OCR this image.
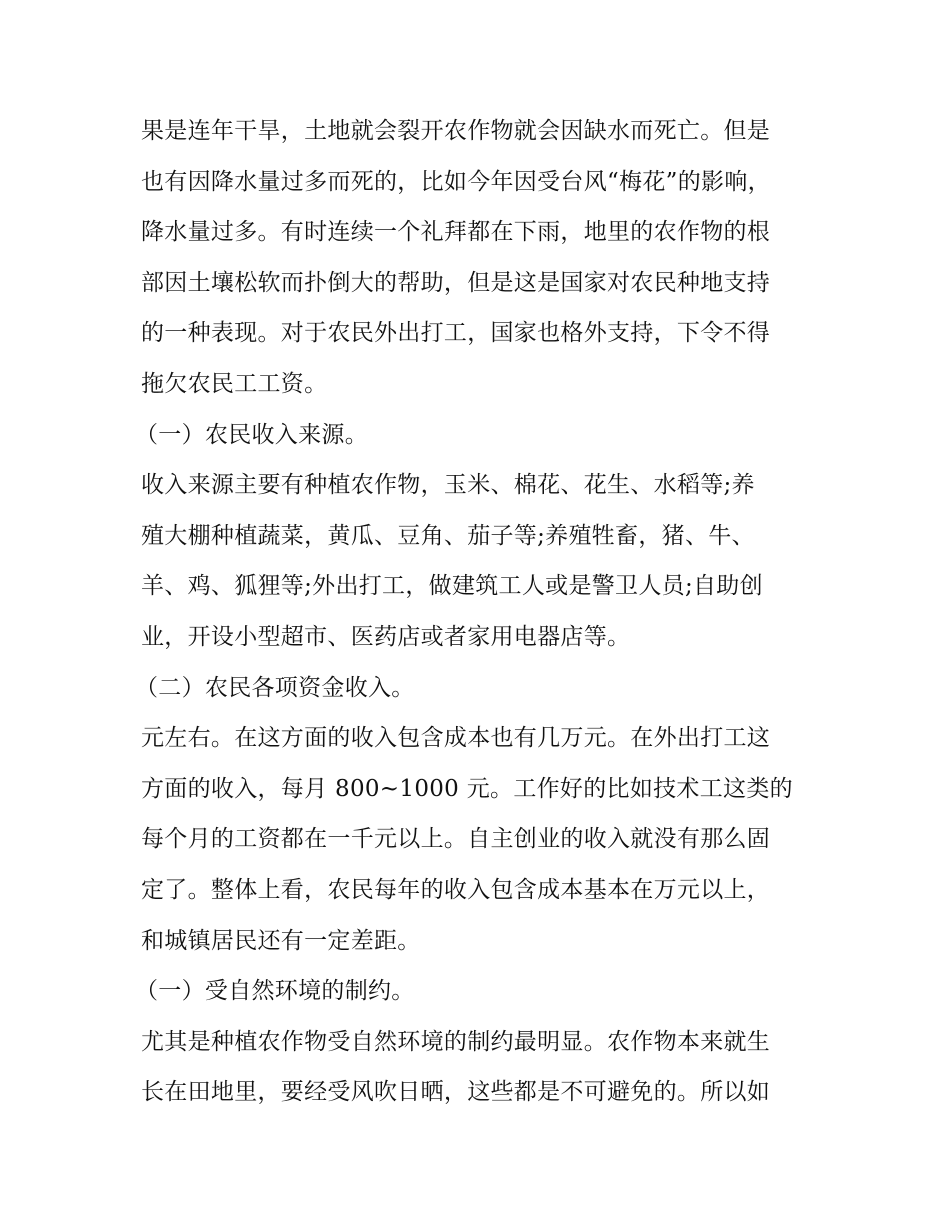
果是连年干旱，土地就会裂开农作物就会因缺水而死亡。但是
也有因降水量过多而死的，比如今年因受台风“梅花”的影响，
降水量过多。有时连续一个礼拜都在下雨，地里的农作物的根
部因土壤松软而扑倒大的帮助，但是这是国家对农民种地支持
的一种表现。对于农民外出打工，国家也格外支持，下令不得
拖欠农民工工资。
（一）农民收入来源。
收入来源主要有种植农作物，玉米、棉花、花生、水稻等;养
殖大棚种植蔬菜，黄瓜、豆角、茄子等;养殖牲畜，猪、牛、
羊、鸡、狐狸等;外出打工，做建筑工人或是警卫人员;自助创
业，开设小型超市、医药店或者家用电器店等。
（二）农民各项资金收入。
元左右。在这方面的收入包含成本也有几万元。在外出打工这
方面的收入，每月 800~1000 元。工作好的比如技术工这类的
每个月的工资都在一千元以上。自主创业的收入就没有那么固
定了。整体上看，农民每年的收入包含成本基本在万元以上，
和城镇居民还有一定差距。
（一）受自然环境的制约。
尤其是种植农作物受自然环境的制约最明显。农作物本来就生
长在田地里，要经受风吹日晒，这些都是不可避免的。所以如
